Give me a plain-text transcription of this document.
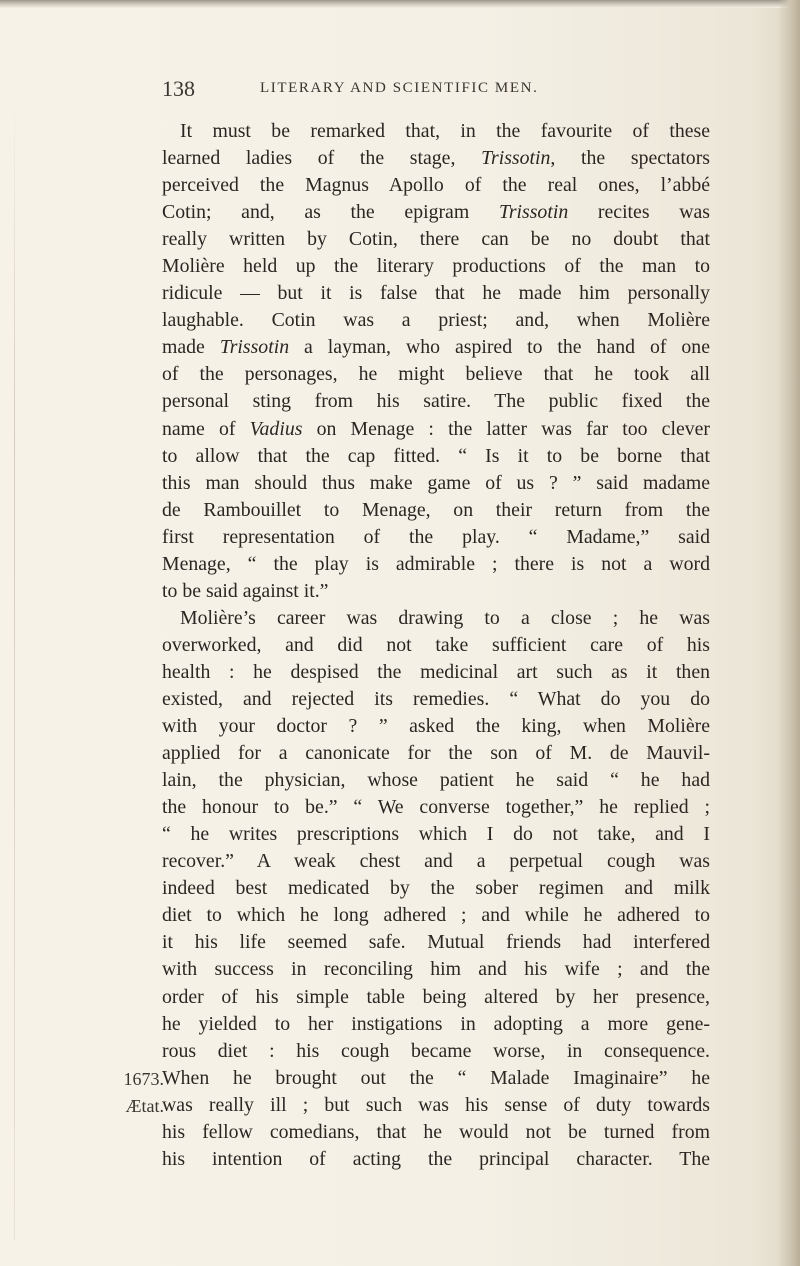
138	LITERARY AND SCIENTIFIC MEN.
1673.
Ætat.
It must be remarked that, in the favourite of these
learned ladies of the stage, Trissotin, the spectators
perceived the Magnus Apollo of the real ones, l’abbé
Cotin; and, as the epigram Trissotin recites was
really written by Cotin, there can be no doubt that
Molière held up the literary productions of the man to
ridicule — but it is false that he made him personally
laughable. Cotin was a priest; and, when Molière
made Trissotin a layman, who aspired to the hand of one
of the personages, he might believe that he took all
personal sting from his satire. The public fixed the
name of Vadius on Menage : the latter was far too clever
to allow that the cap fitted. “ Is it to be borne that
this man should thus make game of us ? ” said madame
de Rambouillet to Menage, on their return from the
first representation of the play. “ Madame,” said
Menage, “ the play is admirable ; there is not a word
to be said against it.”
Molière’s career was drawing to a close ; he was
overworked, and did not take sufficient care of his
health : he despised the medicinal art such as it then
existed, and rejected its remedies. “ What do you do
with your doctor ? ” asked the king, when Molière
applied for a canonicate for the son of M. de Mauvil-
lain, the physician, whose patient he said “ he had
the honour to be.” “ We converse together,” he replied ;
“ he writes prescriptions which I do not take, and I
recover.” A weak chest and a perpetual cough was
indeed best medicated by the sober regimen and milk
diet to which he long adhered ; and while he adhered to
it his life seemed safe. Mutual friends had interfered
with success in reconciling him and his wife ; and the
order of his simple table being altered by her presence,
he yielded to her instigations in adopting a more gene-
rous diet : his cough became worse, in consequence.
When he brought out the “ Malade Imaginaire” he
was really ill ; but such was his sense of duty towards
his fellow comedians, that he would not be turned from
his intention of acting the principal character. The
